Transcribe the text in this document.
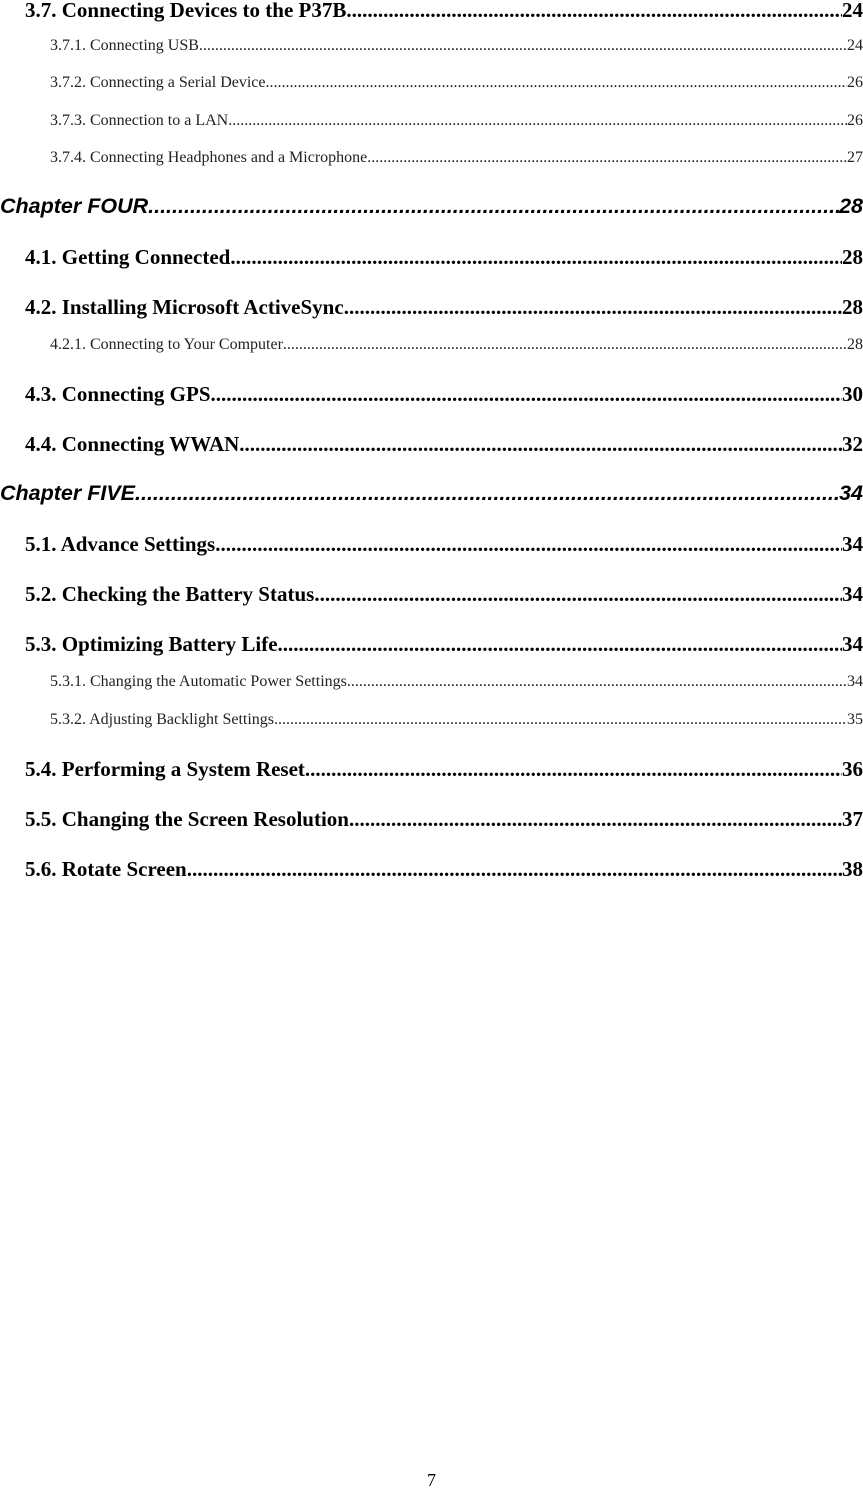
3.7. Connecting Devices to the P37B .....	24
3.7.1. Connecting USB .....	24
3.7.2. Connecting a Serial Device .....	26
3.7.3. Connection to a LAN .....	26
3.7.4. Connecting Headphones and a Microphone .....	27
Chapter FOUR .....	28
4.1. Getting Connected .....	28
4.2. Installing Microsoft ActiveSync .....	28
4.2.1. Connecting to Your Computer .....	28
4.3. Connecting GPS .....	30
4.4. Connecting WWAN .....	32
Chapter FIVE .....	34
5.1. Advance Settings .....	34
5.2. Checking the Battery Status .....	34
5.3. Optimizing Battery Life .....	34
5.3.1. Changing the Automatic Power Settings .....	34
5.3.2. Adjusting Backlight Settings .....	35
5.4. Performing a System Reset .....	36
5.5. Changing the Screen Resolution .....	37
5.6. Rotate Screen .....	38
7
